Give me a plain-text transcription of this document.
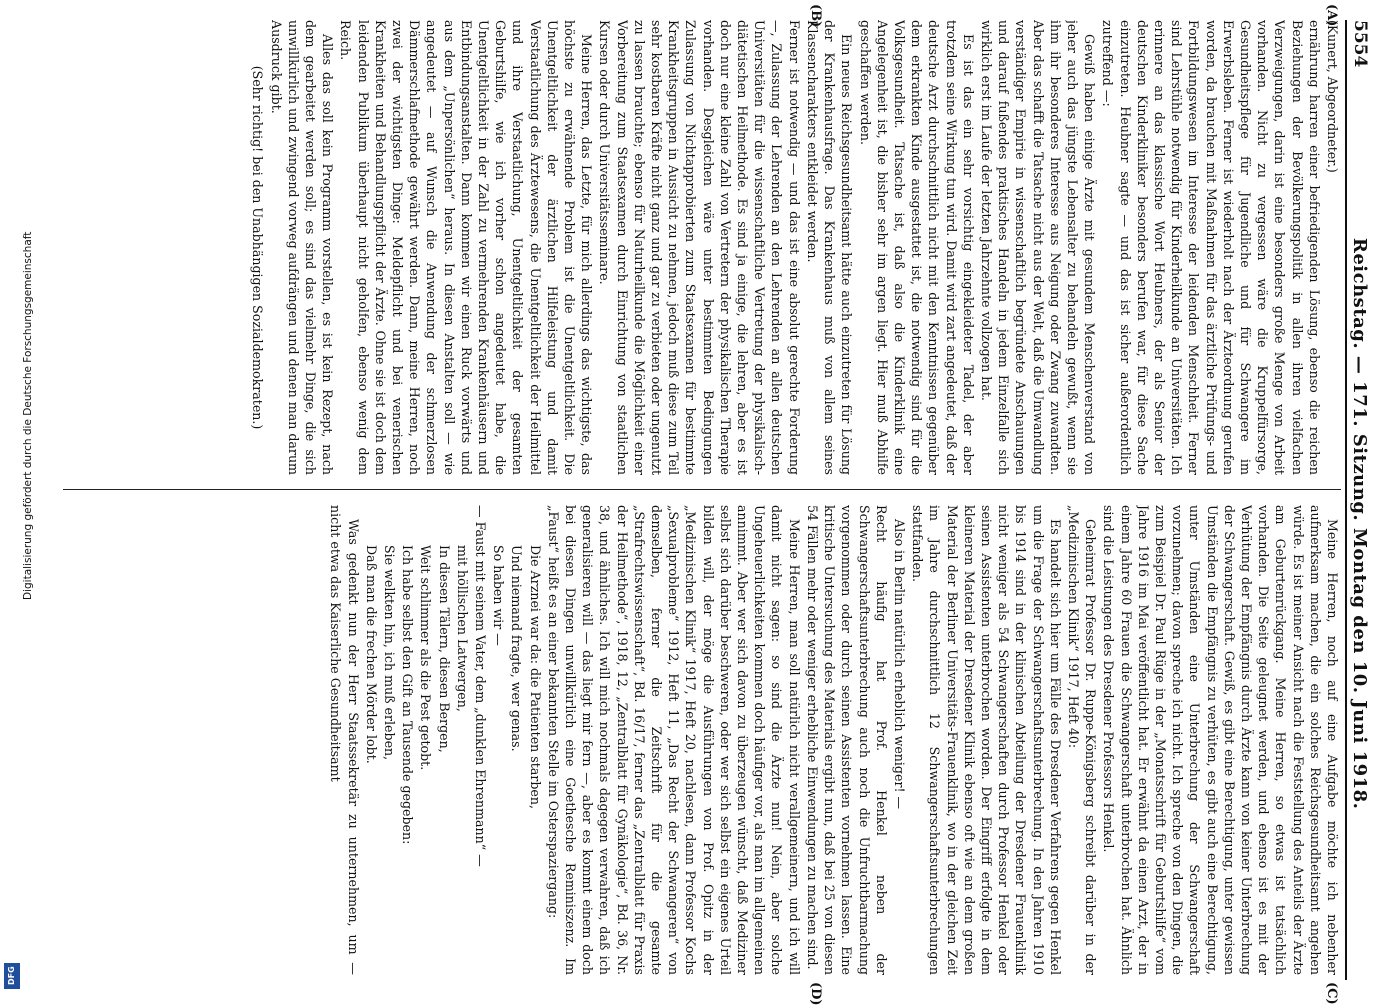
5554
Reichstag. — 171. Sitzung. Montag den 10. Juni 1918.
(A)
(B)
(C)
(D)

(Kunert, Abgeordneter.)

ernährung harren einer befriedigenden Lösung, ebenso die reichen Beziehungen der Bevölkerungspolitik in allen ihren vielfachen Verzweigungen, darin ist eine besonders große Menge von Arbeit vorhanden. Nicht zu vergessen wäre die Kruppelfürsorge, Gesundheitspflege für Jugendliche und für Schwangere im Erwerbsleben. Ferner ist wiederholt nach der Ärzteordnung gerufen worden, da brauchen mit Maßnahmen für das ärztliche Prüfungs- und Fortbildungswesen im Interesse der leidenden Menschheit. Ferner sind Lehrstühle notwendig für Kinderheilkunde an Universitäten. Ich erinnere an das klassische Wort Heubners, der als Senior der deutschen Kinderkliniker besonders berufen war, für diese Sache einzutreten. Heubner sagte — und das ist sicher außerordentlich zutreffend —:

Gewiß haben einige Ärzte mit gesundem Menschenverstand von jeher auch das jüngste Lebensalter zu behandeln gewußt, wenn sie ihm ihr besonderes Interesse aus Neigung oder Zwang zuwandten. Aber das schafft die Tatsache nicht aus der Welt, daß die Umwandlung verständiger Empirie in wissenschaftlich begründete Anschauungen und darauf fußendes praktisches Handeln in jedem Einzelfalle sich wirklich erst im Laufe der letzten Jahrzehnte vollzogen hat.

Es ist das ein sehr vorsichtig eingekleideter Tadel, der aber trotzdem seine Wirkung tun wird. Damit wird zart angedeutet, daß der deutsche Arzt durchschnittlich nicht mit den Kenntnissen gegenüber dem erkrankten Kinde ausgestattet ist, die notwendig sind für die Volksgesundheit. Tatsache ist, daß also die Kinderklinik eine Angelegenheit ist, die bisher sehr im argen liegt. Hier muß Abhilfe geschaffen werden.

Ein neues Reichsgesundheitsamt hätte auch einzutreten für Lösung der Krankenhausfrage. Das Krankenhaus muß von allem seines Klassencharakters entkleidet werden.

Ferner ist notwendig — und das ist eine absolut gerechte Forderung —, Zulassung der Lehrenden an den Lehrenden an allen deutschen Universitäten für die wissenschaftliche Vertretung der physikalisch-diätetischen Heilmethode. Es sind ja einige, die lehren, aber es ist doch nur eine kleine Zahl von Vertretern der physikalischen Therapie vorhanden. Desgleichen wäre unter bestimmten Bedingungen Zulassung von Nichtapprobierten zum Staatsexamen für bestimmte Krankheitsgruppen in Aussicht zu nehmen, jedoch muß diese zum Teil sehr kostbaren Kräfte nicht ganz und gar zu verbieten oder ungenutzt zu lassen brauchte; ebenso für Naturheilkunde die Möglichkeit einer Vorbereitung zum Staatsexamen durch Einrichtung von staatlichen Kursen oder durch Universitätsseminare.

Meine Herren, das Letzte, für mich allerdings das wichtigste, das höchste zu erwähnende Problem ist die Unentgeltlichkeit. Die Unentgeltlichkeit der ärztlichen Hilfeleistung und damit Verstaatlichung des Ärztewesens, die Unentgeltlichkeit der Heilmittel und ihre Verstaatlichung, Unentgeltlichkeit der gesamten Geburtshilfe, wie ich vorher schon angedeutet habe, die Unentgeltlichkeit in der Zahl zu vermehrenden Krankenhäusern und Entbindungsanstalten. Dann kommen wir einen Ruck vorwärts und aus dem „Unpersönlichen“ heraus. In diesen Anstalten soll — wie angedeutet — auf Wunsch die Anwendung der schmerzlosen Dämmerschlafmethode gewährt werden. Dann, meine Herren, noch zwei der wichtigsten Dinge: Meldepflicht und bei venerischen Krankheiten und Behandlungspflicht der Ärzte. Ohne sie ist doch dem leidenden Publikum überhaupt nicht geholfen, ebenso wenig dem Reich.

Alles das soll kein Programm vorstellen, es ist kein Rezept, nach dem gearbeitet werden soll; es sind das vielmehr Dinge, die sich unwillkürlich und zwingend vorweg aufdrängen und denen man darum Ausdruck gibt.

(Sehr richtig! bei den Unabhängigen Sozialdemokraten.)

Meine Herren, noch auf eine Aufgabe möchte ich nebenher aufmerksam machen, die ein solches Reichsgesundheitsamt angehen würde. Es ist meiner Ansicht nach die Feststellung des Anteils der Ärzte am Geburtenrückgang. Meine Herren, so etwas ist tatsächlich vorhanden. Die Seite geleugnet werden, und ebenso ist es mit der Verhütung der Empfängnis durch Ärzte kann von keiner Unterbrechung der Schwangerschaft. Gewiß, es gibt eine Berechtigung, unter gewissen Umständen die Empfängnis zu verhüten, es gibt auch eine Berechtigung, unter Umständen eine Unterbrechung der Schwangerschaft vorzunehmen; davon spreche ich nicht. Ich spreche von den Dingen, die zum Beispiel Dr. Paul Rüge in der „Monatsschrift für Geburtshilfe“ vom Jahre 1916 im Mai veröffentlicht hat. Er erwähnt da einen Arzt, der in einem Jahre 60 Frauen die Schwangerschaft unterbrochen hat. Ähnlich sind die Leistungen des Dresdener Professors Henkel.

Geheimrat Professor Dr. Ruppe-Königsberg schreibt darüber in der „Medizinischen Klinik“ 1917, Heft 40:

Es handelt sich hier um Fälle des Dresdener Verfahrens gegen Henkel um die Frage der Schwangerschaftsunterbrechung. In den Jahren 1910 bis 1914 sind in der klinischen Abteilung der Dresdener Frauenklinik nicht weniger als 54 Schwangerschaften durch Professor Henkel oder seinen Assistenten unterbrochen worden. Der Eingriff erfolgte in dem kleineren Material der Dresdener Klinik ebenso oft wie an dem großen Material der Berliner Universitäts-Frauenklinik, wo in der gleichen Zeit im Jahre durchschnittlich 12 Schwangerschaftsunterbrechungen stattfanden.

Also in Berlin natürlich erheblich weniger! —

Recht häufig hat Prof. Henkel neben der Schwangerschaftsunterbrechung auch noch die Unfruchtbarmachung vorgenommen oder durch seinen Assistenten vornehmen lassen. Eine kritische Untersuchung des Materials ergibt nun, daß bei 25 von diesen 54 Fällen mehr oder weniger erhebliche Einwendungen zu machen sind.

Meine Herren, man soll natürlich nicht verallgemeinern, und ich will damit nicht sagen: so sind die Ärzte nun! Nein, aber solche Ungeheuerlichkeiten kommen doch häufiger vor, als man im allgemeinen annimmt. Aber wer sich davon zu überzeugen wünscht, daß Mediziner selbst sich darüber beschweren, oder wer sich selbst ein eigenes Urteil bilden will, der möge die Ausführungen von Prof. Opitz in der „Medizinischen Klinik“ 1917, Heft 20, nachlesen, dann Professor Kochs „Sexualprobleme“ 1912, Heft 11, „Das Recht der Schwangeren“ von demselben, ferner die Zeitschrift für die gesamte „Strafrechtswissenschaft“, Bd. 16/17, ferner das „Zentralblatt für Praxis der Heilmethode“, 1918, 12, „Zentralblatt für Gynäkologie“, Bd. 36, Nr. 38, und ähnliches. Ich will mich nochmals dagegen verwahren, daß ich generalisieren will — das liegt mir fern —, aber es kommt einem doch bei diesen Dingen unwillkürlich eine Goethesche Reminiszenz. Im „Faust“ heißt es an einer bekannten Stelle im Osterspaziergang:

Die Arznei war da: die Patienten starben,

Und niemand fragte, wer genas.

So haben wir —

— Faust mit seinem Vater, dem „dunklen Ehrenmann“ —

mit höllischen Latwergen,

In diesen Tälern, diesen Bergen,

Weit schlimmer als die Pest getobt.

Ich habe selbst den Gift an Tausende gegeben:

Sie welkten hin, ich muß erleben,

Daß man die frechen Mörder lobt.

Was gedenkt nun der Herr Staatssekretär zu unternehmen, um — nicht etwa das Kaiserliche Gesundheitsamt

Digitalisierung gefördert durch die Deutsche Forschungsgemeinschaft
DFG
